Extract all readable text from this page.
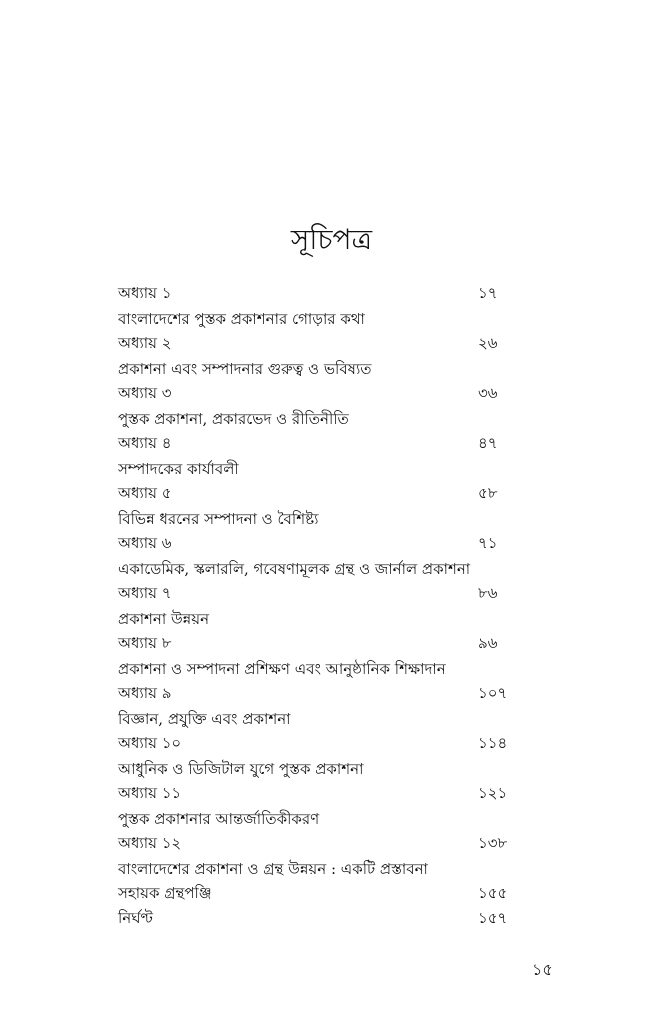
সূচিপত্র
অধ্যায় ১	১৭
বাংলাদেশের পুস্তক প্রকাশনার গোড়ার কথা
অধ্যায় ২	২৬
প্রকাশনা এবং সম্পাদনার গুরুত্ব ও ভবিষ্যত
অধ্যায় ৩	৩৬
পুস্তক প্রকাশনা, প্রকারভেদ ও রীতিনীতি
অধ্যায় ৪	৪৭
সম্পাদকের কার্যাবলী
অধ্যায় ৫	৫৮
বিভিন্ন ধরনের সম্পাদনা ও বৈশিষ্ট্য
অধ্যায় ৬	৭১
একাডেমিক, স্কলারলি, গবেষণামূলক গ্রন্থ ও জার্নাল প্রকাশনা
অধ্যায় ৭	৮৬
প্রকাশনা উন্নয়ন
অধ্যায় ৮	৯৬
প্রকাশনা ও সম্পাদনা প্রশিক্ষণ এবং আনুষ্ঠানিক শিক্ষাদান
অধ্যায় ৯	১০৭
বিজ্ঞান, প্রযুক্তি এবং প্রকাশনা
অধ্যায় ১০	১১৪
আধুনিক ও ডিজিটাল যুগে পুস্তক প্রকাশনা
অধ্যায় ১১	১২১
পুস্তক প্রকাশনার আন্তর্জাতিকীকরণ
অধ্যায় ১২	১৩৮
বাংলাদেশের প্রকাশনা ও গ্রন্থ উন্নয়ন : একটি প্রস্তাবনা
সহায়ক গ্রন্থপঞ্জি	১৫৫
নির্ঘণ্ট	১৫৭
১৫
